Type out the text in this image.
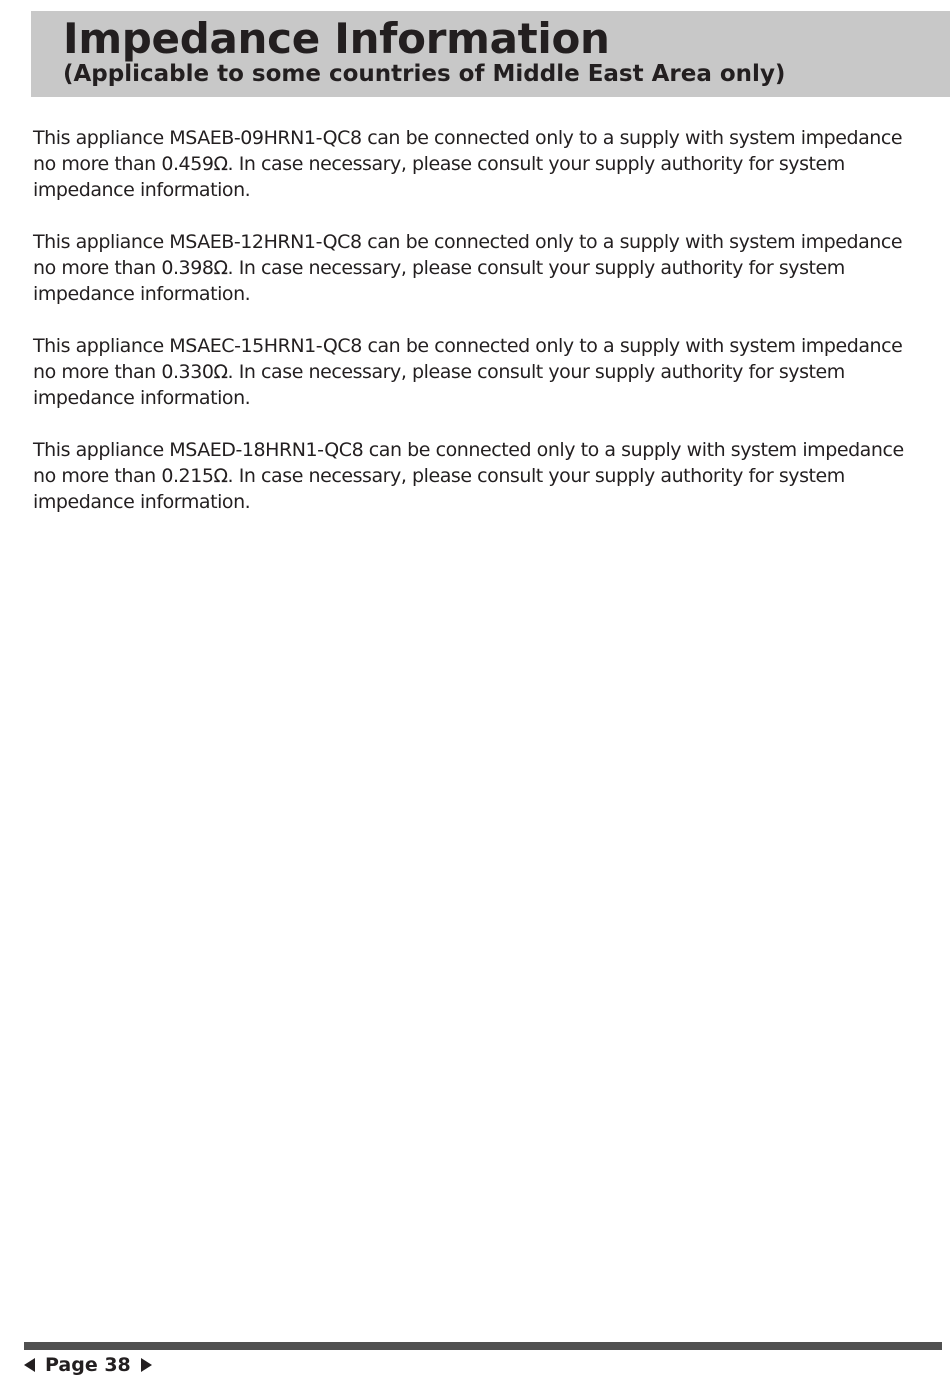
Impedance Information
(Applicable to some countries of Middle East Area only)

This appliance MSAEB-09HRN1-QC8 can be connected only to a supply with system impedance
no more than 0.459Ω. In case necessary, please consult your supply authority for system
impedance information.

This appliance MSAEB-12HRN1-QC8 can be connected only to a supply with system impedance
no more than 0.398Ω. In case necessary, please consult your supply authority for system
impedance information.

This appliance MSAEC-15HRN1-QC8 can be connected only to a supply with system impedance
no more than 0.330Ω. In case necessary, please consult your supply authority for system
impedance information.

This appliance MSAED-18HRN1-QC8 can be connected only to a supply with system impedance
no more than 0.215Ω. In case necessary, please consult your supply authority for system
impedance information.

Page 38
